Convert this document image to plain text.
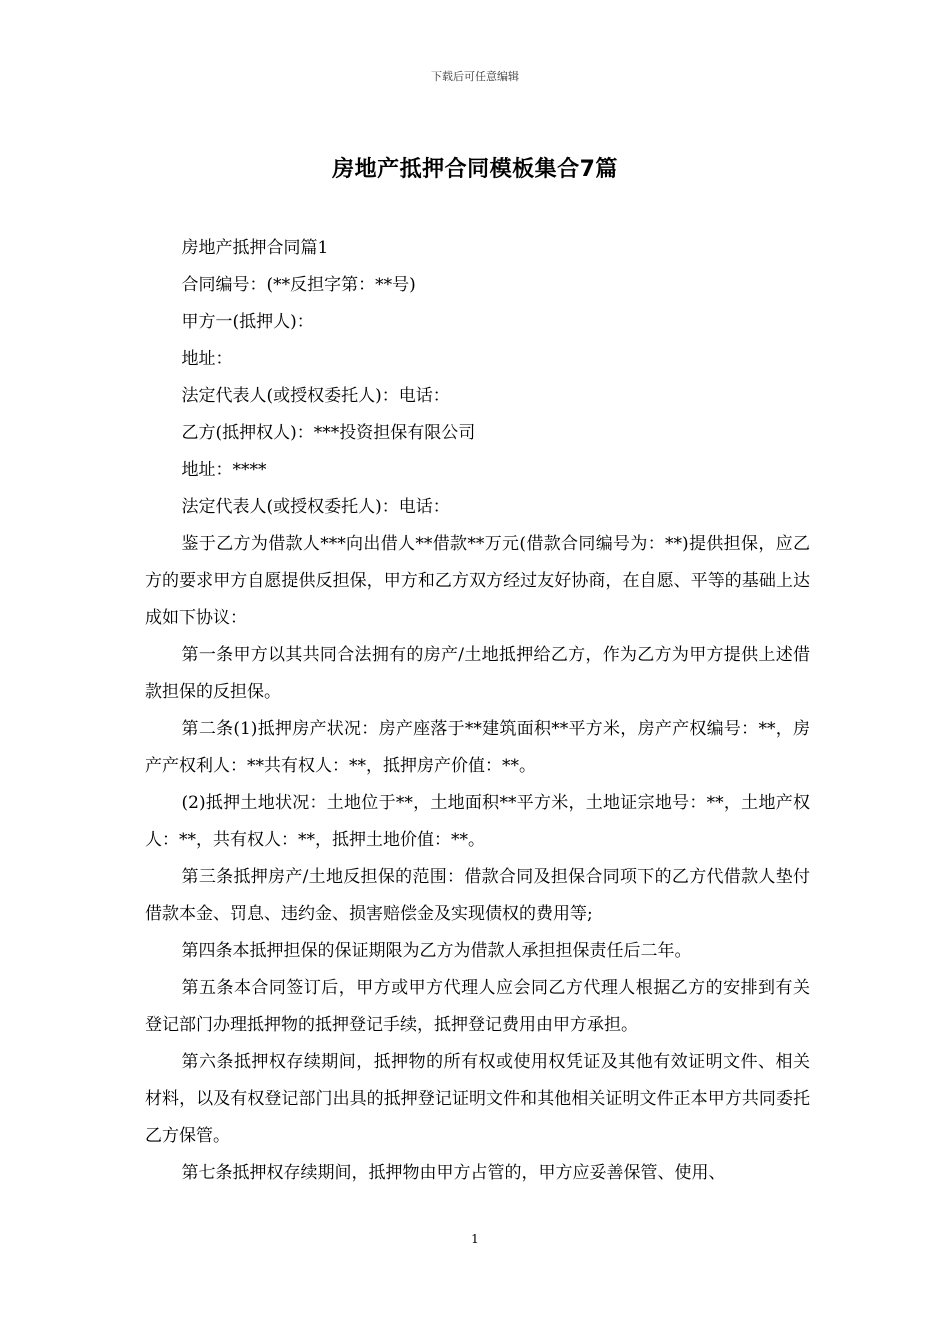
下载后可任意编辑
房地产抵押合同模板集合7篇

房地产抵押合同篇1

合同编号：(**反担字第：**号)

甲方一(抵押人)：

地址：

法定代表人(或授权委托人)：电话：

乙方(抵押权人)：***投资担保有限公司

地址：****

法定代表人(或授权委托人)：电话：

鉴于乙方为借款人***向出借人**借款**万元(借款合同编号为：**)提供担保，应乙方的要求甲方自愿提供反担保，甲方和乙方双方经过友好协商，在自愿、平等的基础上达成如下协议：

第一条甲方以其共同合法拥有的房产/土地抵押给乙方，作为乙方为甲方提供上述借款担保的反担保。

第二条(1)抵押房产状况：房产座落于**建筑面积**平方米，房产产权编号：**，房产产权利人：**共有权人：**，抵押房产价值：**。

(2)抵押土地状况：土地位于**，土地面积**平方米，土地证宗地号：**，土地产权人：**，共有权人：**，抵押土地价值：**。

第三条抵押房产/土地反担保的范围：借款合同及担保合同项下的乙方代借款人垫付借款本金、罚息、违约金、损害赔偿金及实现债权的费用等;

第四条本抵押担保的保证期限为乙方为借款人承担担保责任后二年。

第五条本合同签订后，甲方或甲方代理人应会同乙方代理人根据乙方的安排到有关登记部门办理抵押物的抵押登记手续，抵押登记费用由甲方承担。

第六条抵押权存续期间，抵押物的所有权或使用权凭证及其他有效证明文件、相关材料，以及有权登记部门出具的抵押登记证明文件和其他相关证明文件正本甲方共同委托乙方保管。

第七条抵押权存续期间，抵押物由甲方占管的，甲方应妥善保管、使用、

1
